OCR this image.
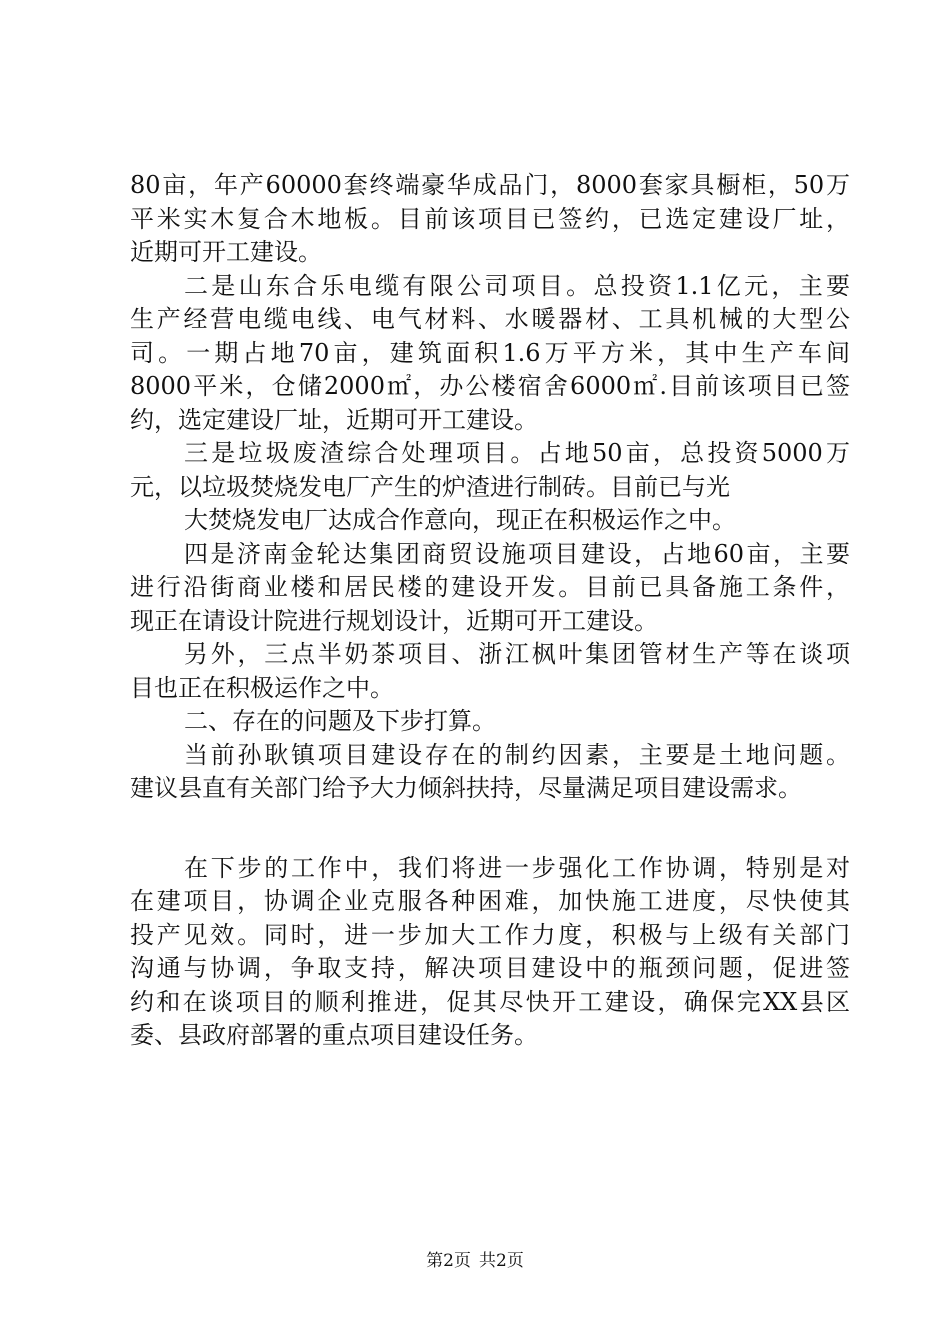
80亩，年产60000套终端豪华成品门，8000套家具橱柜，50万
平米实木复合木地板。目前该项目已签约，已选定建设厂址，
近期可开工建设。
二是山东合乐电缆有限公司项目。总投资1.1亿元，主要
生产经营电缆电线、电气材料、水暖器材、工具机械的大型公
司。一期占地70亩，建筑面积1.6万平方米，其中生产车间
8000平米，仓储2000㎡，办公楼宿舍6000㎡.目前该项目已签
约，选定建设厂址，近期可开工建设。
三是垃圾废渣综合处理项目。占地50亩，总投资5000万
元，以垃圾焚烧发电厂产生的炉渣进行制砖。目前已与光
大焚烧发电厂达成合作意向，现正在积极运作之中。
四是济南金轮达集团商贸设施项目建设，占地60亩，主要
进行沿街商业楼和居民楼的建设开发。目前已具备施工条件，
现正在请设计院进行规划设计，近期可开工建设。
另外，三点半奶茶项目、浙江枫叶集团管材生产等在谈项
目也正在积极运作之中。
二、存在的问题及下步打算。
当前孙耿镇项目建设存在的制约因素，主要是土地问题。
建议县直有关部门给予大力倾斜扶持，尽量满足项目建设需求。
在下步的工作中，我们将进一步强化工作协调，特别是对
在建项目，协调企业克服各种困难，加快施工进度，尽快使其
投产见效。同时，进一步加大工作力度，积极与上级有关部门
沟通与协调，争取支持，解决项目建设中的瓶颈问题，促进签
约和在谈项目的顺利推进，促其尽快开工建设，确保完XX县区
委、县政府部署的重点项目建设任务。
第2页 共2页
